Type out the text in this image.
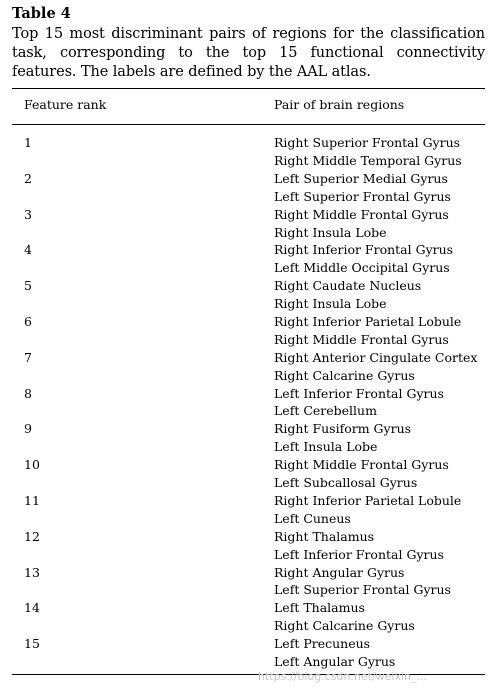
Table 4

Top 15 most discriminant pairs of regions for the classification task, corresponding to the top 15 functional connectivity features. The labels are defined by the AAL atlas.

Feature rank	Pair of brain regions
1	Right Superior Frontal Gyrus
Right Middle Temporal Gyrus
2	Left Superior Medial Gyrus
Left Superior Frontal Gyrus
3	Right Middle Frontal Gyrus
Right Insula Lobe
4	Right Inferior Frontal Gyrus
Left Middle Occipital Gyrus
5	Right Caudate Nucleus
Right Insula Lobe
6	Right Inferior Parietal Lobule
Right Middle Frontal Gyrus
7	Right Anterior Cingulate Cortex
Right Calcarine Gyrus
8	Left Inferior Frontal Gyrus
Left Cerebellum
9	Right Fusiform Gyrus
Left Insula Lobe
10	Right Middle Frontal Gyrus
Left Subcallosal Gyrus
11	Right Inferior Parietal Lobule
Left Cuneus
12	Right Thalamus
Left Inferior Frontal Gyrus
13	Right Angular Gyrus
Left Superior Frontal Gyrus
14	Left Thalamus
Right Calcarine Gyrus
15	Left Precuneus
Left Angular Gyrus
https://blog.csdn.net/weixin_...
